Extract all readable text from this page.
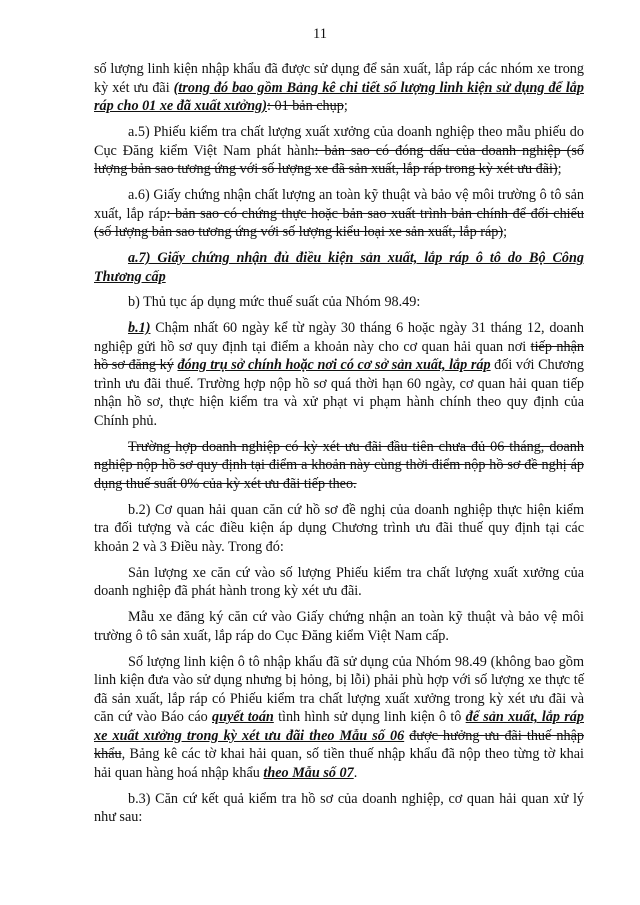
11

số lượng linh kiện nhập khẩu đã được sử dụng để sản xuất, lắp ráp các nhóm xe trong kỳ xét ưu đãi (trong đó bao gồm Bảng kê chi tiết số lượng linh kiện sử dụng để lắp ráp cho 01 xe đã xuất xưởng): 01 bản chụp;

a.5) Phiếu kiểm tra chất lượng xuất xưởng của doanh nghiệp theo mẫu phiếu do Cục Đăng kiểm Việt Nam phát hành: bản sao có đóng dấu của doanh nghiệp (số lượng bản sao tương ứng với số lượng xe đã sản xuất, lắp ráp trong kỳ xét ưu đãi);

a.6) Giấy chứng nhận chất lượng an toàn kỹ thuật và bảo vệ môi trường ô tô sản xuất, lắp ráp: bản sao có chứng thực hoặc bản sao xuất trình bản chính để đối chiếu (số lượng bản sao tương ứng với số lượng kiểu loại xe sản xuất, lắp ráp);

a.7) Giấy chứng nhận đủ điều kiện sản xuất, lắp ráp ô tô do Bộ Công Thương cấp

b) Thủ tục áp dụng mức thuế suất của Nhóm 98.49:

b.1) Chậm nhất 60 ngày kể từ ngày 30 tháng 6 hoặc ngày 31 tháng 12, doanh nghiệp gửi hồ sơ quy định tại điểm a khoản này cho cơ quan hải quan nơi tiếp nhận hồ sơ đăng ký đóng trụ sở chính hoặc nơi có cơ sở sản xuất, lắp ráp đối với Chương trình ưu đãi thuế. Trường hợp nộp hồ sơ quá thời hạn 60 ngày, cơ quan hải quan tiếp nhận hồ sơ, thực hiện kiểm tra và xử phạt vi phạm hành chính theo quy định của Chính phủ.

Trường hợp doanh nghiệp có kỳ xét ưu đãi đầu tiên chưa đủ 06 tháng, doanh nghiệp nộp hồ sơ quy định tại điểm a khoản này cùng thời điểm nộp hồ sơ đề nghị áp dụng thuế suất 0% của kỳ xét ưu đãi tiếp theo.

b.2) Cơ quan hải quan căn cứ hồ sơ đề nghị của doanh nghiệp thực hiện kiểm tra đối tượng và các điều kiện áp dụng Chương trình ưu đãi thuế quy định tại các khoản 2 và 3 Điều này. Trong đó:

Sản lượng xe căn cứ vào số lượng Phiếu kiểm tra chất lượng xuất xưởng của doanh nghiệp đã phát hành trong kỳ xét ưu đãi.

Mẫu xe đăng ký căn cứ vào Giấy chứng nhận an toàn kỹ thuật và bảo vệ môi trường ô tô sản xuất, lắp ráp do Cục Đăng kiểm Việt Nam cấp.

Số lượng linh kiện ô tô nhập khẩu đã sử dụng của Nhóm 98.49 (không bao gồm linh kiện đưa vào sử dụng nhưng bị hỏng, bị lỗi) phải phù hợp với số lượng xe thực tế đã sản xuất, lắp ráp có Phiếu kiểm tra chất lượng xuất xưởng trong kỳ xét ưu đãi và căn cứ vào Báo cáo quyết toán tình hình sử dụng linh kiện ô tô để sản xuất, lắp ráp xe xuất xưởng trong kỳ xét ưu đãi theo Mẫu số 06 được hưởng ưu đãi thuế nhập khẩu, Bảng kê các tờ khai hải quan, số tiền thuế nhập khẩu đã nộp theo từng tờ khai hải quan hàng hoá nhập khẩu theo Mẫu số 07.

b.3) Căn cứ kết quả kiểm tra hồ sơ của doanh nghiệp, cơ quan hải quan xử lý như sau:
